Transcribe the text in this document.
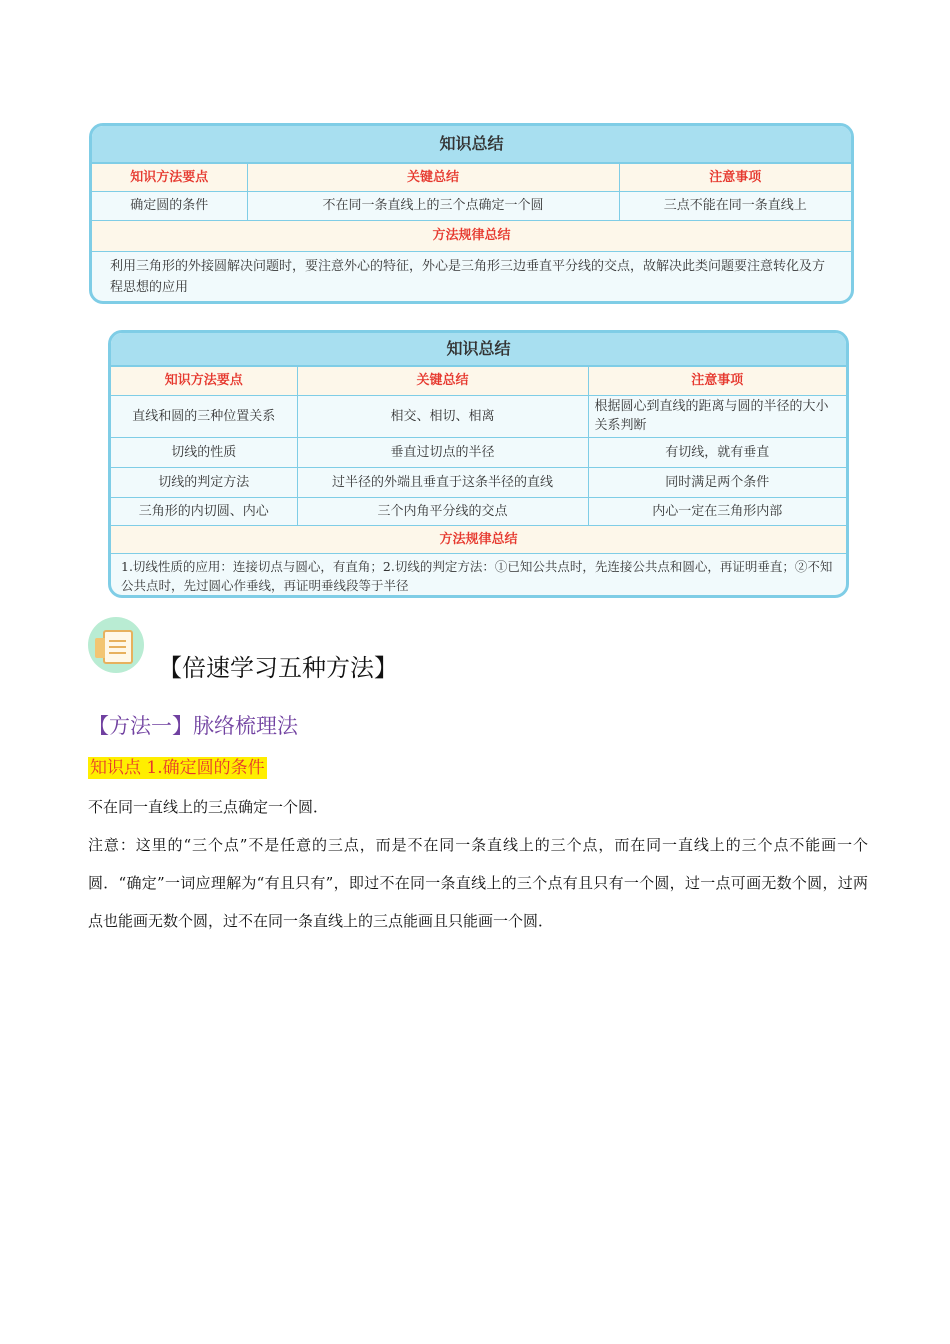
知识总结
知识方法要点	关键总结	注意事项
确定圆的条件	不在同一条直线上的三个点确定一个圆	三点不能在同一条直线上
方法规律总结
利用三角形的外接圆解决问题时，要注意外心的特征，外心是三角形三边垂直平分线的交点，故解决此类问题要注意转化及方程思想的应用
知识总结
知识方法要点	关键总结	注意事项
直线和圆的三种位置关系	相交、相切、相离	根据圆心到直线的距离与圆的半径的大小关系判断
切线的性质	垂直过切点的半径	有切线，就有垂直
切线的判定方法	过半径的外端且垂直于这条半径的直线	同时满足两个条件
三角形的内切圆、内心	三个内角平分线的交点	内心一定在三角形内部
方法规律总结
1.切线性质的应用：连接切点与圆心，有直角；2.切线的判定方法：①已知公共点时，先连接公共点和圆心，再证明垂直；②不知公共点时，先过圆心作垂线，再证明垂线段等于半径
【倍速学习五种方法】
【方法一】脉络梳理法
知识点 1.确定圆的条件
不在同一直线上的三点确定一个圆．
注意：这里的“三个点”不是任意的三点，而是不在同一条直线上的三个点，而在同一直线上的三个点不能画一个圆．“确定”一词应理解为“有且只有”，即过不在同一条直线上的三个点有且只有一个圆，过一点可画无数个圆，过两点也能画无数个圆，过不在同一条直线上的三点能画且只能画一个圆．
